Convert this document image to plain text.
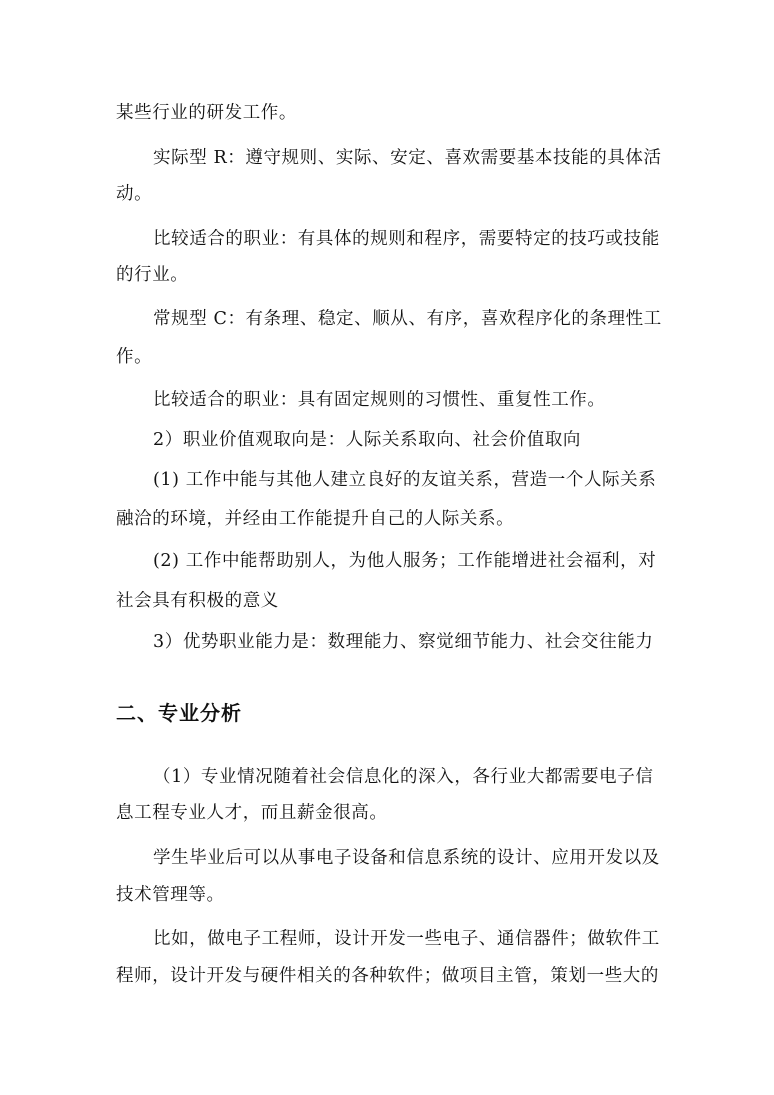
某些行业的研发工作。
实际型 R：遵守规则、实际、安定、喜欢需要基本技能的具体活
动。
比较适合的职业：有具体的规则和程序，需要特定的技巧或技能
的行业。
常规型 C：有条理、稳定、顺从、有序，喜欢程序化的条理性工
作。
比较适合的职业：具有固定规则的习惯性、重复性工作。
2）职业价值观取向是：人际关系取向、社会价值取向
(1) 工作中能与其他人建立良好的友谊关系，营造一个人际关系
融洽的环境，并经由工作能提升自己的人际关系。
(2) 工作中能帮助别人，为他人服务；工作能增进社会福利，对
社会具有积极的意义
3）优势职业能力是：数理能力、察觉细节能力、社会交往能力
二、专业分析
（1）专业情况随着社会信息化的深入，各行业大都需要电子信
息工程专业人才，而且薪金很高。
学生毕业后可以从事电子设备和信息系统的设计、应用开发以及
技术管理等。
比如，做电子工程师，设计开发一些电子、通信器件；做软件工
程师，设计开发与硬件相关的各种软件；做项目主管，策划一些大的
